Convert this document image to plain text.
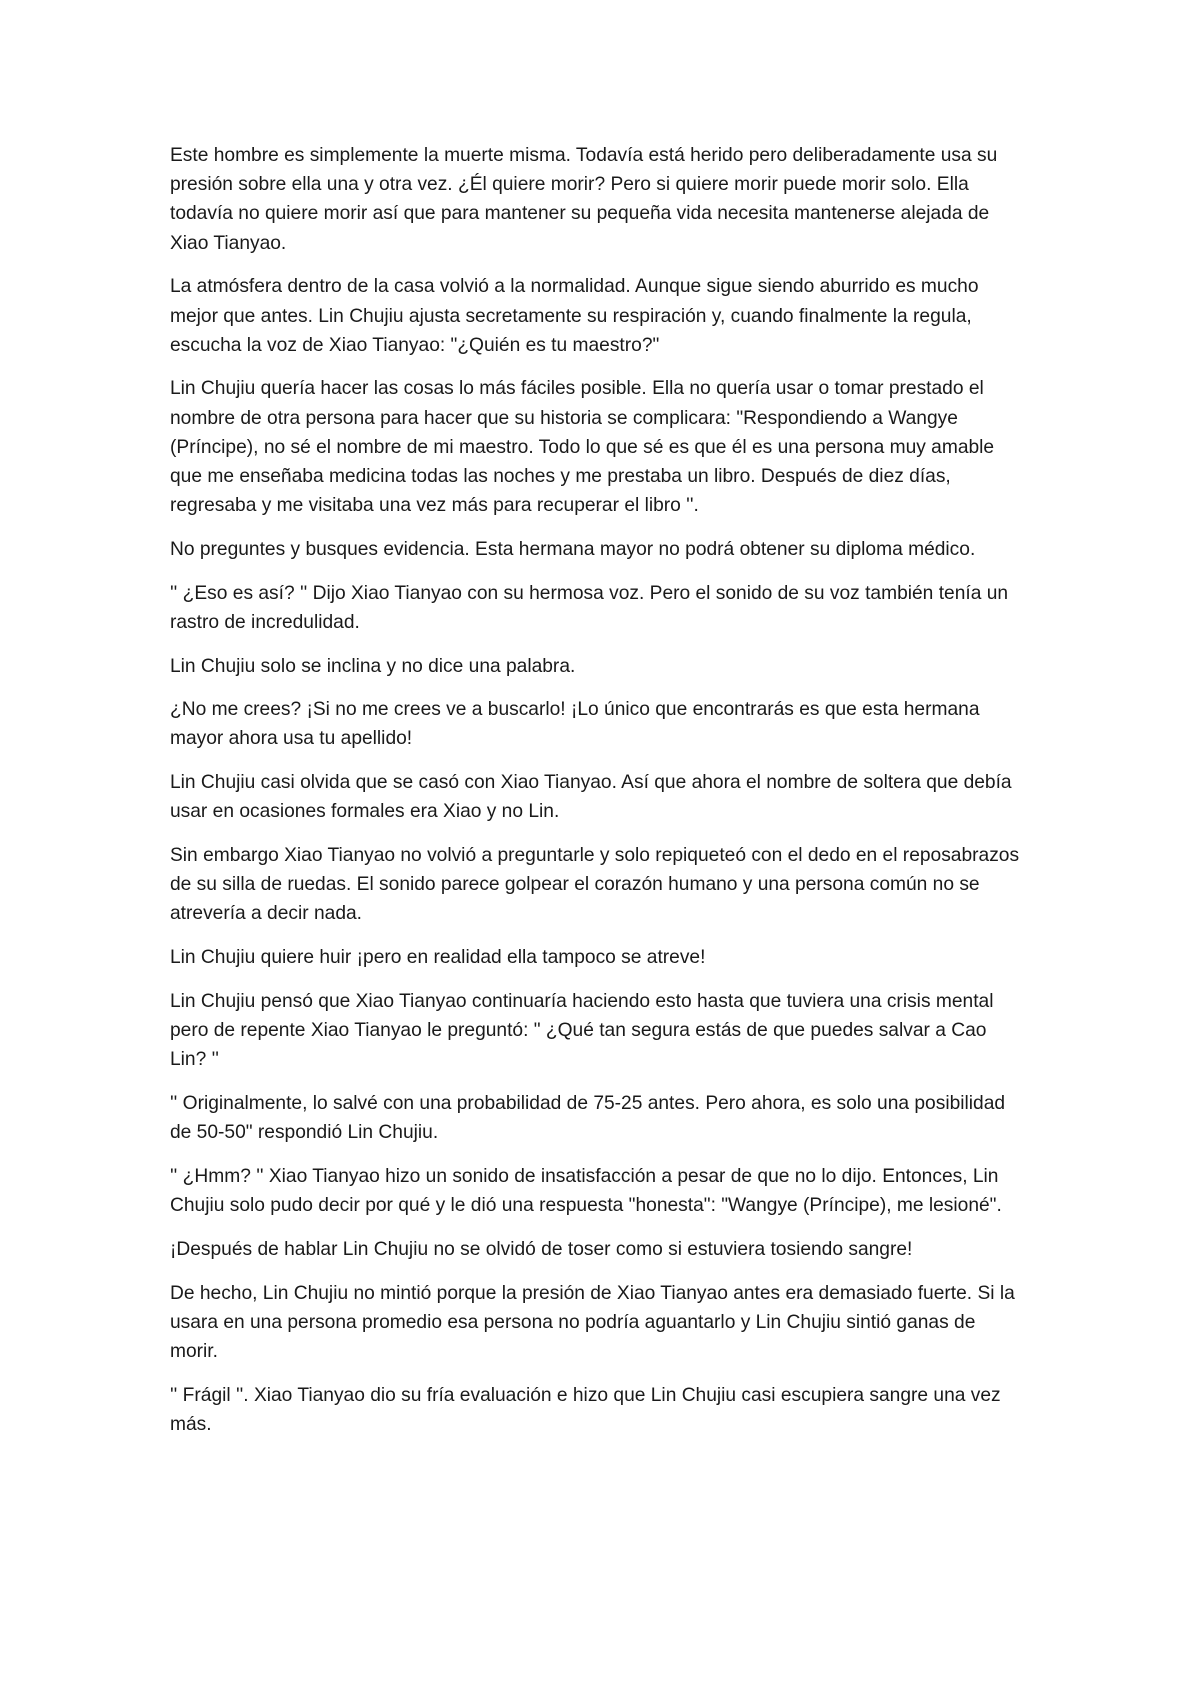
Este hombre es simplemente la muerte misma. Todavía está herido pero deliberadamente usa su presión sobre ella una y otra vez. ¿Él quiere morir? Pero si quiere morir puede morir solo. Ella todavía no quiere morir así que para mantener su pequeña vida necesita mantenerse alejada de Xiao Tianyao.

La atmósfera dentro de la casa volvió a la normalidad. Aunque sigue siendo aburrido es mucho mejor que antes. Lin Chujiu ajusta secretamente su respiración y, cuando finalmente la regula, escucha la voz de Xiao Tianyao: "¿Quién es tu maestro?"

Lin Chujiu quería hacer las cosas lo más fáciles posible. Ella no quería usar o tomar prestado el nombre de otra persona para hacer que su historia se complicara: "Respondiendo a Wangye (Príncipe), no sé el nombre de mi maestro. Todo lo que sé es que él es una persona muy amable que me enseñaba medicina todas las noches y me prestaba un libro. Después de diez días, regresaba y me visitaba una vez más para recuperar el libro ''.

No preguntes y busques evidencia. Esta hermana mayor no podrá obtener su diploma médico.

'' ¿Eso es así? '' Dijo Xiao Tianyao con su hermosa voz. Pero el sonido de su voz también tenía un rastro de incredulidad.

Lin Chujiu solo se inclina y no dice una palabra.

¿No me crees? ¡Si no me crees ve a buscarlo! ¡Lo único que encontrarás es que esta hermana mayor ahora usa tu apellido!

Lin Chujiu casi olvida que se casó con Xiao Tianyao. Así que ahora el nombre de soltera que debía usar en ocasiones formales era Xiao y no Lin.

Sin embargo Xiao Tianyao no volvió a preguntarle y solo repiqueteó con el dedo en el reposabrazos de su silla de ruedas. El sonido parece golpear el corazón humano y una persona común no se atrevería a decir nada.

Lin Chujiu quiere huir ¡pero en realidad ella tampoco se atreve!

Lin Chujiu pensó que Xiao Tianyao continuaría haciendo esto hasta que tuviera una crisis mental pero de repente Xiao Tianyao le preguntó: " ¿Qué tan segura estás de que puedes salvar a Cao Lin? ''

'' Originalmente, lo salvé con una probabilidad de 75-25 antes. Pero ahora, es solo una posibilidad de 50-50" respondió Lin Chujiu.

'' ¿Hmm? '' Xiao Tianyao hizo un sonido de insatisfacción a pesar de que no lo dijo. Entonces, Lin Chujiu solo pudo decir por qué y le dió una respuesta "honesta": "Wangye (Príncipe), me lesioné".

¡Después de hablar Lin Chujiu no se olvidó de toser como si estuviera tosiendo sangre!

De hecho, Lin Chujiu no mintió porque la presión de Xiao Tianyao antes era demasiado fuerte. Si la usara en una persona promedio esa persona no podría aguantarlo y Lin Chujiu sintió ganas de morir.

'' Frágil ''. Xiao Tianyao dio su fría evaluación e hizo que Lin Chujiu casi escupiera sangre una vez más.
